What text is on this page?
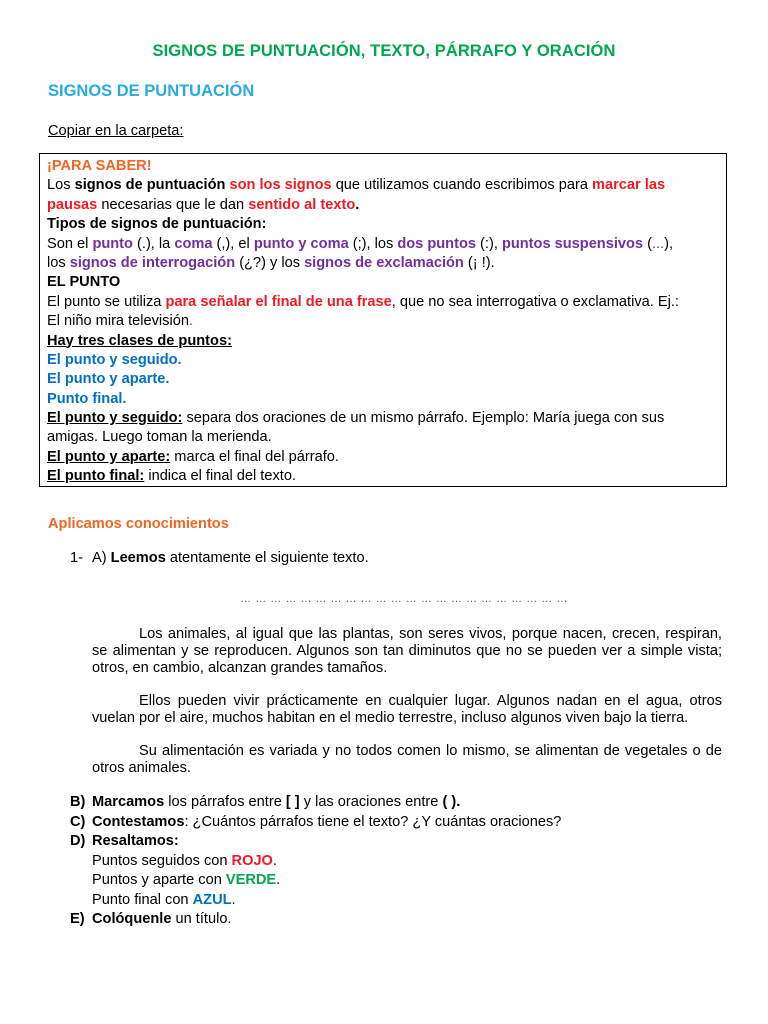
SIGNOS DE PUNTUACIÓN, TEXTO, PÁRRAFO Y ORACIÓN
SIGNOS DE PUNTUACIÓN
Copiar en la carpeta:
¡PARA SABER!
Los signos de puntuación son los signos que utilizamos cuando escribimos para marcar las
pausas necesarias que le dan sentido al texto.
Tipos de signos de puntuación:
Son el punto (.), la coma (,), el punto y coma (;), los dos puntos (:), puntos suspensivos (...),
los signos de interrogación (¿?) y los signos de exclamación (¡ !).
EL PUNTO
El punto se utiliza para señalar el final de una frase, que no sea interrogativa o exclamativa. Ej.:
El niño mira televisión.
Hay tres clases de puntos:
El punto y seguido.
El punto y aparte.
Punto final.
El punto y seguido: separa dos oraciones de un mismo párrafo. Ejemplo: María juega con sus
amigas. Luego toman la merienda.
El punto y aparte: marca el final del párrafo.
El punto final: indica el final del texto.
Aplicamos conocimientos
1- A) Leemos atentamente el siguiente texto.
… … … … … … … … … … … … … … … … … … … … … …

Los animales, al igual que las plantas, son seres vivos, porque nacen, crecen, respiran, se alimentan y se reproducen. Algunos son tan diminutos que no se pueden ver a simple vista; otros, en cambio, alcanzan grandes tamaños.

Ellos pueden vivir prácticamente en cualquier lugar. Algunos nadan en el agua, otros vuelan por el aire, muchos habitan en el medio terrestre, incluso algunos viven bajo la tierra.

Su alimentación es variada y no todos comen lo mismo, se alimentan de vegetales o de otros animales.

B) Marcamos los párrafos entre [ ] y las oraciones entre ( ).
C) Contestamos: ¿Cuántos párrafos tiene el texto? ¿Y cuántas oraciones?
D) Resaltamos:
Puntos seguidos con ROJO.
Puntos y aparte con VERDE.
Punto final con AZUL.
E) Colóquenle un título.
